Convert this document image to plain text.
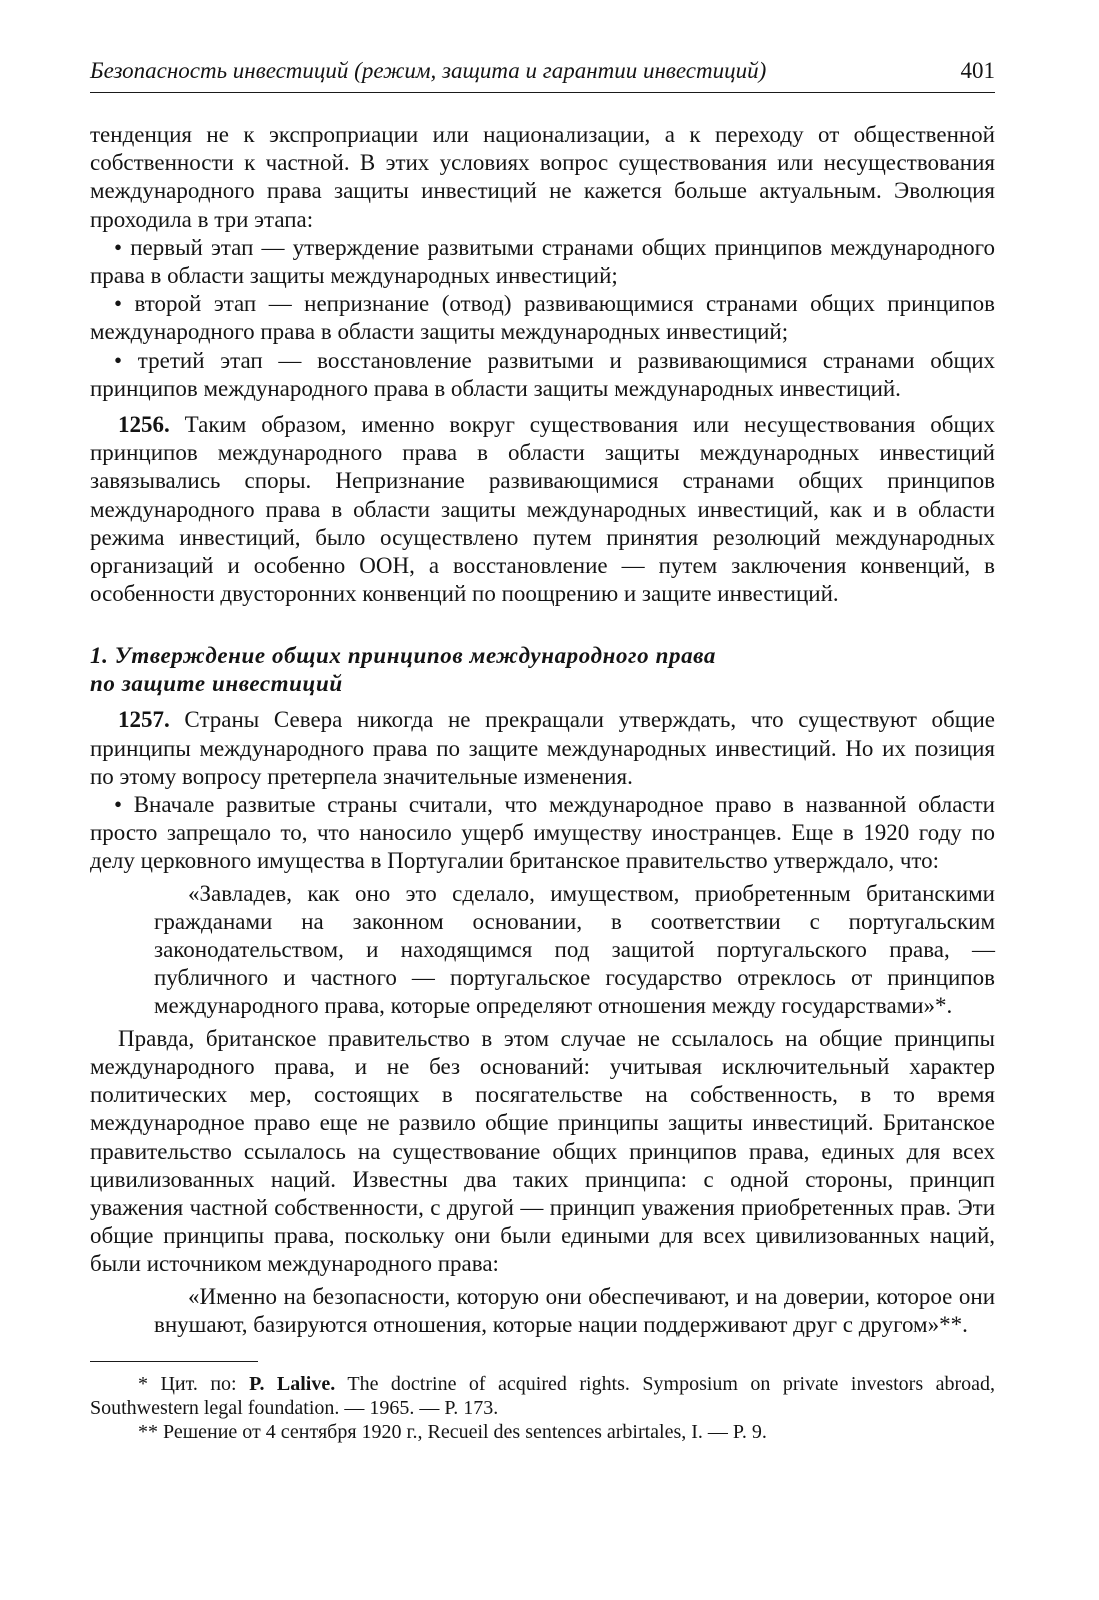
Безопасность инвестиций (режим, защита и гарантии инвестиций)	401

тенденция не к экспроприации или национализации, а к переходу от общественной собственности к частной. В этих условиях вопрос существования или несуществования международного права защиты инвестиций не кажется больше актуальным. Эволюция проходила в три этапа:

• первый этап — утверждение развитыми странами общих принципов международного права в области защиты международных инвестиций;

• второй этап — непризнание (отвод) развивающимися странами общих принципов международного права в области защиты международных инвестиций;

• третий этап — восстановление развитыми и развивающимися странами общих принципов международного права в области защиты международных инвестиций.

1256. Таким образом, именно вокруг существования или несуществования общих принципов международного права в области защиты международных инвестиций завязывались споры. Непризнание развивающимися странами общих принципов международного права в области защиты международных инвестиций, как и в области режима инвестиций, было осуществлено путем принятия резолюций международных организаций и особенно ООН, а восстановление — путем заключения конвенций, в особенности двусторонних конвенций по поощрению и защите инвестиций.

1. Утверждение общих принципов международного права
по защите инвестиций

1257. Страны Севера никогда не прекращали утверждать, что существуют общие принципы международного права по защите международных инвестиций. Но их позиция по этому вопросу претерпела значительные изменения.

• Вначале развитые страны считали, что международное право в названной области просто запрещало то, что наносило ущерб имуществу иностранцев. Еще в 1920 году по делу церковного имущества в Португалии британское правительство утверждало, что:

«Завладев, как оно это сделало, имуществом, приобретенным британскими гражданами на законном основании, в соответствии с португальским законодательством, и находящимся под защитой португальского права, — публичного и частного — португальское государство отреклось от принципов международного права, которые определяют отношения между государствами»*.

Правда, британское правительство в этом случае не ссылалось на общие принципы международного права, и не без оснований: учитывая исключительный характер политических мер, состоящих в посягательстве на собственность, в то время международное право еще не развило общие принципы защиты инвестиций. Британское правительство ссылалось на существование общих принципов права, единых для всех цивилизованных наций. Известны два таких принципа: с одной стороны, принцип уважения частной собственности, с другой — принцип уважения приобретенных прав. Эти общие принципы права, поскольку они были едиными для всех цивилизованных наций, были источником международного права:

«Именно на безопасности, которую они обеспечивают, и на доверии, которое они внушают, базируются отношения, которые нации поддерживают друг с другом»**.

* Цит. по: P. Lalive. The doctrine of acquired rights. Symposium on private investors abroad, Southwestern legal foundation. — 1965. — P. 173.

** Решение от 4 сентября 1920 г., Recueil des sentences arbirtales, I. — P. 9.
